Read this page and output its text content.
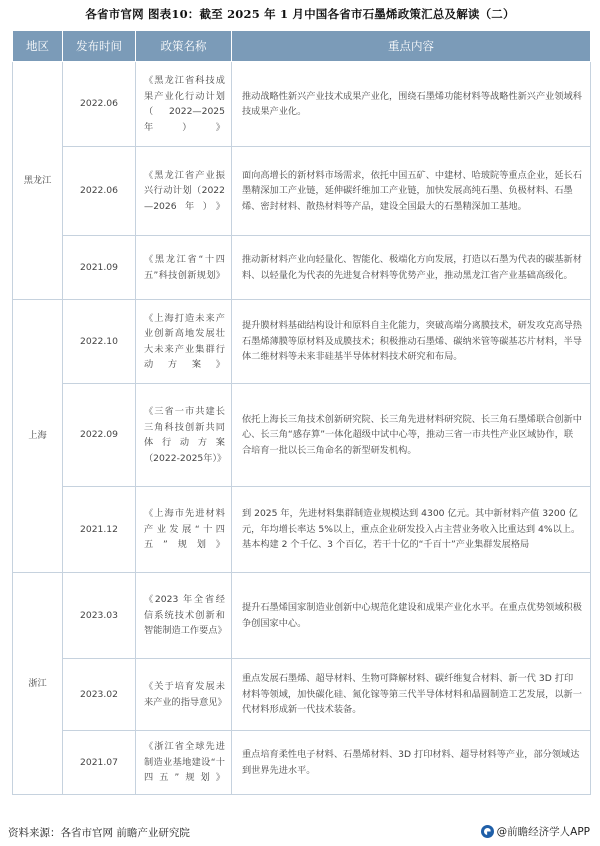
各省市官网 图表10：截至 2025 年 1 月中国各省市石墨烯政策汇总及解读（二）
地区	发布时间	政策名称	重点内容
黑龙江	2022.06	《黑龙江省科技成果产业化行动计划（2022—2025年）》	推动战略性新兴产业技术成果产业化，围绕石墨烯功能材料等战略性新兴产业领域科技成果产业化。
	2022.06	《黑龙江省产业振兴行动计划（2022—2026年）》	面向高增长的新材料市场需求，依托中国五矿、中建材、哈玻院等重点企业，延长石墨精深加工产业链，延伸碳纤维加工产业链，加快发展高纯石墨、负极材料、石墨烯、密封材料、散热材料等产品，建设全国最大的石墨精深加工基地。
	2021.09	《黑龙江省“十四五”科技创新规划》	推动新材料产业向轻量化、智能化、极端化方向发展，打造以石墨为代表的碳基新材料、以轻量化为代表的先进复合材料等优势产业，推动黑龙江省产业基础高级化。
上海	2022.10	《上海打造未来产业创新高地发展壮大未来产业集群行动方案》	提升膜材料基础结构设计和原料自主化能力，突破高端分离膜技术，研发攻克高导热石墨烯薄膜等原材料及成膜技术；积极推动石墨烯、碳纳米管等碳基芯片材料，半导体二维材料等未来非硅基半导体材料技术研究和布局。
	2022.09	《三省一市共建长三角科技创新共同体行动方案（2022-2025年）》	依托上海长三角技术创新研究院、长三角先进材料研究院、长三角石墨烯联合创新中心、长三角“感存算”一体化超级中试中心等，推动三省一市共性产业区域协作，联合培育一批以长三角命名的新型研发机构。
	2021.12	《上海市先进材料产业发展“十四五”规划》	到 2025 年，先进材料集群制造业规模达到 4300 亿元。其中新材料产值 3200 亿元，年均增长率达 5%以上，重点企业研发投入占主营业务收入比重达到 4%以上。基本构建 2 个千亿、3 个百亿，若干十亿的“千百十”产业集群发展格局
浙江	2023.03	《2023 年全省经信系统技术创新和智能制造工作要点》	提升石墨烯国家制造业创新中心规范化建设和成果产业化水平。在重点优势领域积极争创国家中心。
	2023.02	《关于培育发展未来产业的指导意见》	重点发展石墨烯、超导材料、生物可降解材料、碳纤维复合材料、新一代 3D 打印材料等领域，加快碳化硅、氮化镓等第三代半导体材料和晶圆制造工艺发展，以新一代材料形成新一代技术装备。
	2021.07	《浙江省全球先进制造业基地建设“十四五”规划》	重点培育柔性电子材料、石墨烯材料、3D 打印材料、超导材料等产业，部分领域达到世界先进水平。
资料来源：各省市官网 前瞻产业研究院	@前瞻经济学人APP
